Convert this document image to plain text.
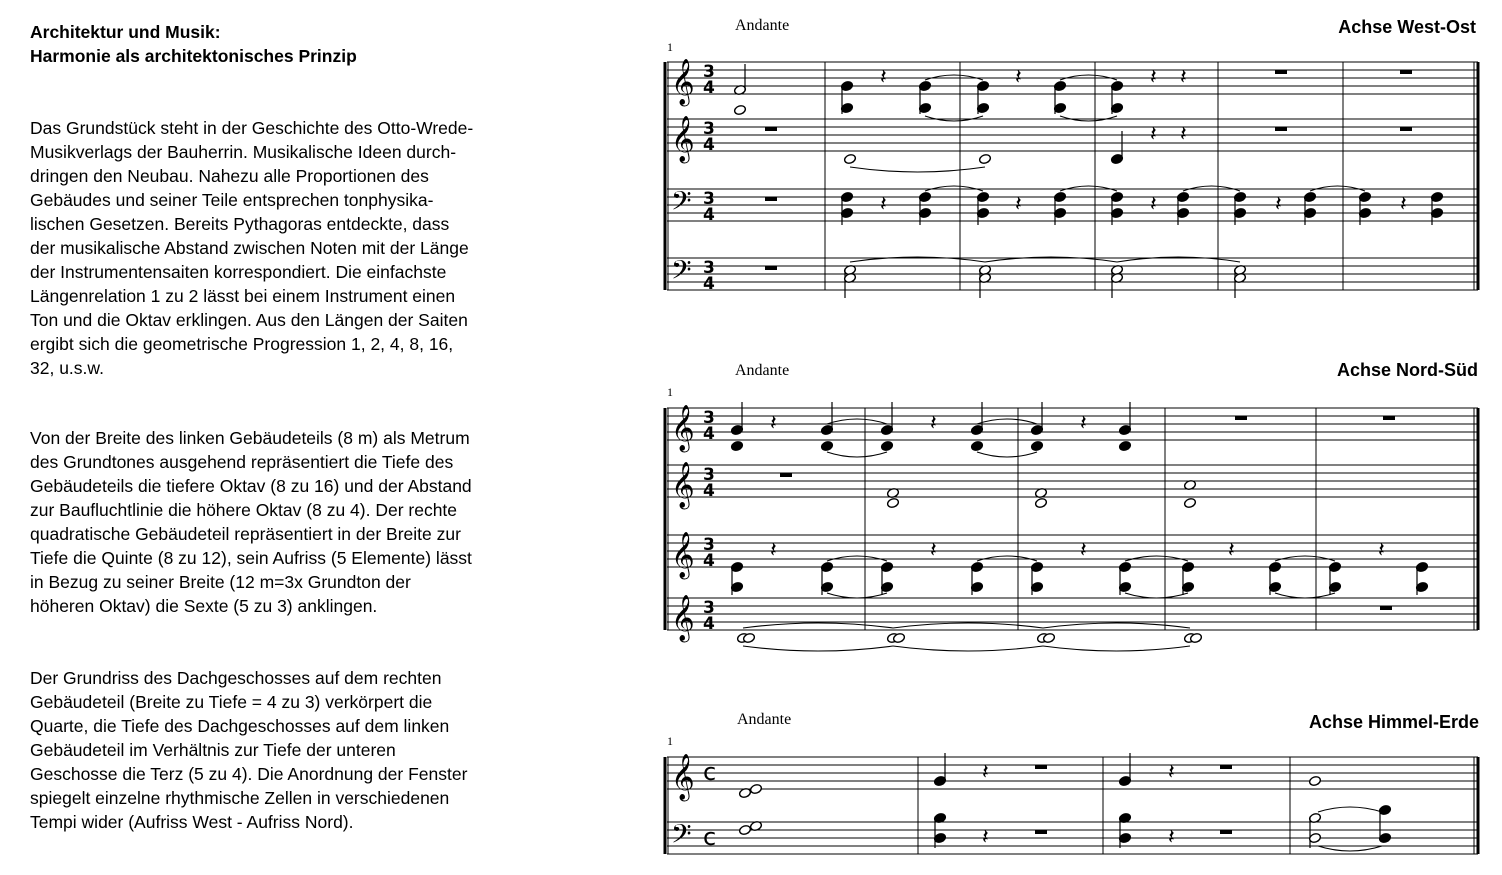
Architektur und Musik:
Harmonie als architektonisches Prinzip
Das Grundstück steht in der Geschichte des Otto-Wrede-
Musikverlags der Bauherrin. Musikalische Ideen durch-
dringen den Neubau. Nahezu alle Proportionen des
Gebäudes und seiner Teile entsprechen tonphysika-
lischen Gesetzen. Bereits Pythagoras entdeckte, dass
der musikalische Abstand zwischen Noten mit der Länge
der Instrumentensaiten korrespondiert. Die einfachste
Längenrelation 1 zu 2 lässt bei einem Instrument einen
Ton und die Oktav erklingen. Aus den Längen der Saiten
ergibt sich die geometrische Progression 1, 2, 4, 8, 16,
32, u.s.w.
Von der Breite des linken Gebäudeteils (8 m) als Metrum
des Grundtones ausgehend repräsentiert die Tiefe des
Gebäudeteils die tiefere Oktav (8 zu 16) und der Abstand
zur Baufluchtlinie die höhere Oktav (8 zu 4). Der rechte
quadratische Gebäudeteil repräsentiert in der Breite zur
Tiefe die Quinte (8 zu 12), sein Aufriss (5 Elemente) lässt
in Bezug zu seiner Breite (12 m=3x Grundton der
höheren Oktav) die Sexte (5 zu 3) anklingen.
Der Grundriss des Dachgeschosses auf dem rechten
Gebäudeteil (Breite zu Tiefe = 4 zu 3) verkörpert die
Quarte, die Tiefe des Dachgeschosses auf dem linken
Gebäudeteil im Verhältnis zur Tiefe der unteren
Geschosse die Terz (5 zu 4). Die Anordnung der Fenster
spiegelt einzelne rhythmische Zellen in verschiedenen
Tempi wider (Aufriss West - Aufriss Nord).
Andante
1
Achse West-Ost
Andante
1
Achse Nord-Süd
Andante
1
Achse Himmel-Erde
𝄞 3
4
𝄞 3
4
𝄢 3
4
𝄢 3
4
𝄽	𝄽	𝄽 𝄽
𝄽 𝄽
𝄽	𝄽	𝄽	𝄽	𝄽
𝄞 3
4
𝄞 3
4
𝄞 3
4
𝄞 3
4
𝄽	𝄽	𝄽
𝄽	𝄽	𝄽	𝄽	𝄽
𝄞 c
𝄢 c
𝄽	𝄽
𝄽	𝄽
